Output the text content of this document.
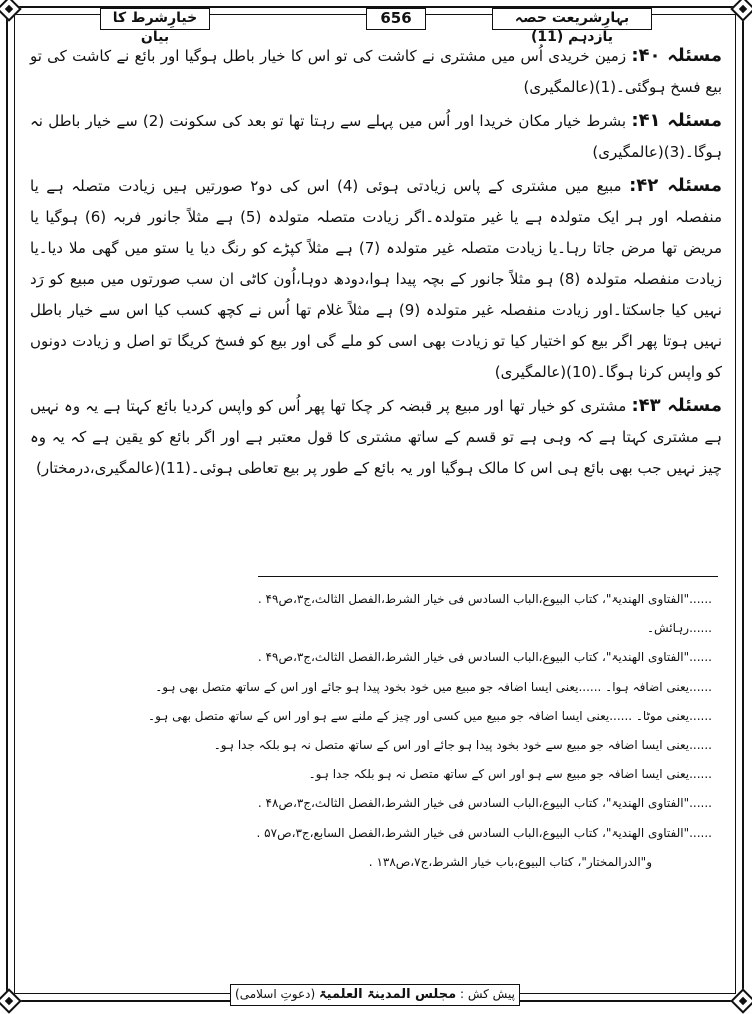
خیارِشرط کا بیان
656	بہارِشریعت حصہ یازدہم (11)

مسئلہ ۴۰: زمین خریدی اُس میں مشتری نے کاشت کی تو اس کا خیار باطل ہوگیا اور بائع نے کاشت کی تو بیع فسخ ہوگئی۔(1)(عالمگیری)

مسئلہ ۴۱: بشرط خیار مکان خریدا اور اُس میں پہلے سے رہتا تھا تو بعد کی سکونت (2) سے خیار باطل نہ ہوگا۔(3)(عالمگیری)

مسئلہ ۴۲: مبیع میں مشتری کے پاس زیادتی ہوئی (4) اس کی دو۲ صورتیں ہیں زیادت متصلہ ہے یا منفصلہ اور ہر ایک متولدہ ہے یا غیر متولدہ۔اگر زیادت متصلہ متولدہ (5) ہے مثلاً جانور فربہ (6) ہوگیا یا مریض تھا مرض جاتا رہا۔یا زیادت متصلہ غیر متولدہ (7) ہے مثلاً کپڑے کو رنگ دیا یا ستو میں گھی ملا دیا۔یا زیادت منفصلہ متولدہ (8) ہو مثلاً جانور کے بچہ پیدا ہوا،دودھ دوہا،اُون کاٹی ان سب صورتوں میں مبیع کو رَد نہیں کیا جاسکتا۔اور زیادت منفصلہ غیر متولدہ (9) ہے مثلاً غلام تھا اُس نے کچھ کسب کیا اس سے خیار باطل نہیں ہوتا پھر اگر بیع کو اختیار کیا تو زیادت بھی اسی کو ملے گی اور بیع کو فسخ کریگا تو اصل و زیادت دونوں کو واپس کرنا ہوگا۔(10)(عالمگیری)

مسئلہ ۴۳: مشتری کو خیار تھا اور مبیع پر قبضہ کر چکا تھا پھر اُس کو واپس کردیا بائع کہتا ہے یہ وہ نہیں ہے مشتری کہتا ہے کہ وہی ہے تو قسم کے ساتھ مشتری کا قول معتبر ہے اور اگر بائع کو یقین ہے کہ یہ وہ چیز نہیں جب بھی بائع ہی اس کا مالک ہوگیا اور یہ بائع کے طور پر بیع تعاطی ہوئی۔(11)(عالمگیری،درمختار)

......"الفتاوی الھندیۃ"، کتاب البیوع،الباب السادس فی خیار الشرط،الفصل الثالث،ج۳،ص۴۹ .
......رہائش۔
......"الفتاوی الھندیۃ"، کتاب البیوع،الباب السادس فی خیار الشرط،الفصل الثالث،ج۳،ص۴۹ .
......یعنی اضافہ ہوا۔ ......یعنی ایسا اضافہ جو مبیع میں خود بخود پیدا ہو جائے اور اس کے ساتھ متصل بھی ہو۔
......یعنی موٹا۔ ......یعنی ایسا اضافہ جو مبیع میں کسی اور چیز کے ملنے سے ہو اور اس کے ساتھ متصل بھی ہو۔
......یعنی ایسا اضافہ جو مبیع سے خود بخود پیدا ہو جائے اور اس کے ساتھ متصل نہ ہو بلکہ جدا ہو۔
......یعنی ایسا اضافہ جو مبیع سے ہو اور اس کے ساتھ متصل نہ ہو بلکہ جدا ہو۔
......"الفتاوی الھندیۃ"، کتاب البیوع،الباب السادس فی خیار الشرط،الفصل الثالث،ج۳،ص۴۸ .
......"الفتاوی الھندیۃ"، کتاب البیوع،الباب السادس فی خیار الشرط،الفصل السابع،ج۳،ص۵۷ .
و"الدرالمختار"، کتاب البیوع،باب خیار الشرط،ج۷،ص۱۳۸ .
پیش کش : مجلس المدینۃ العلمیۃ (دعوتِ اسلامی)
